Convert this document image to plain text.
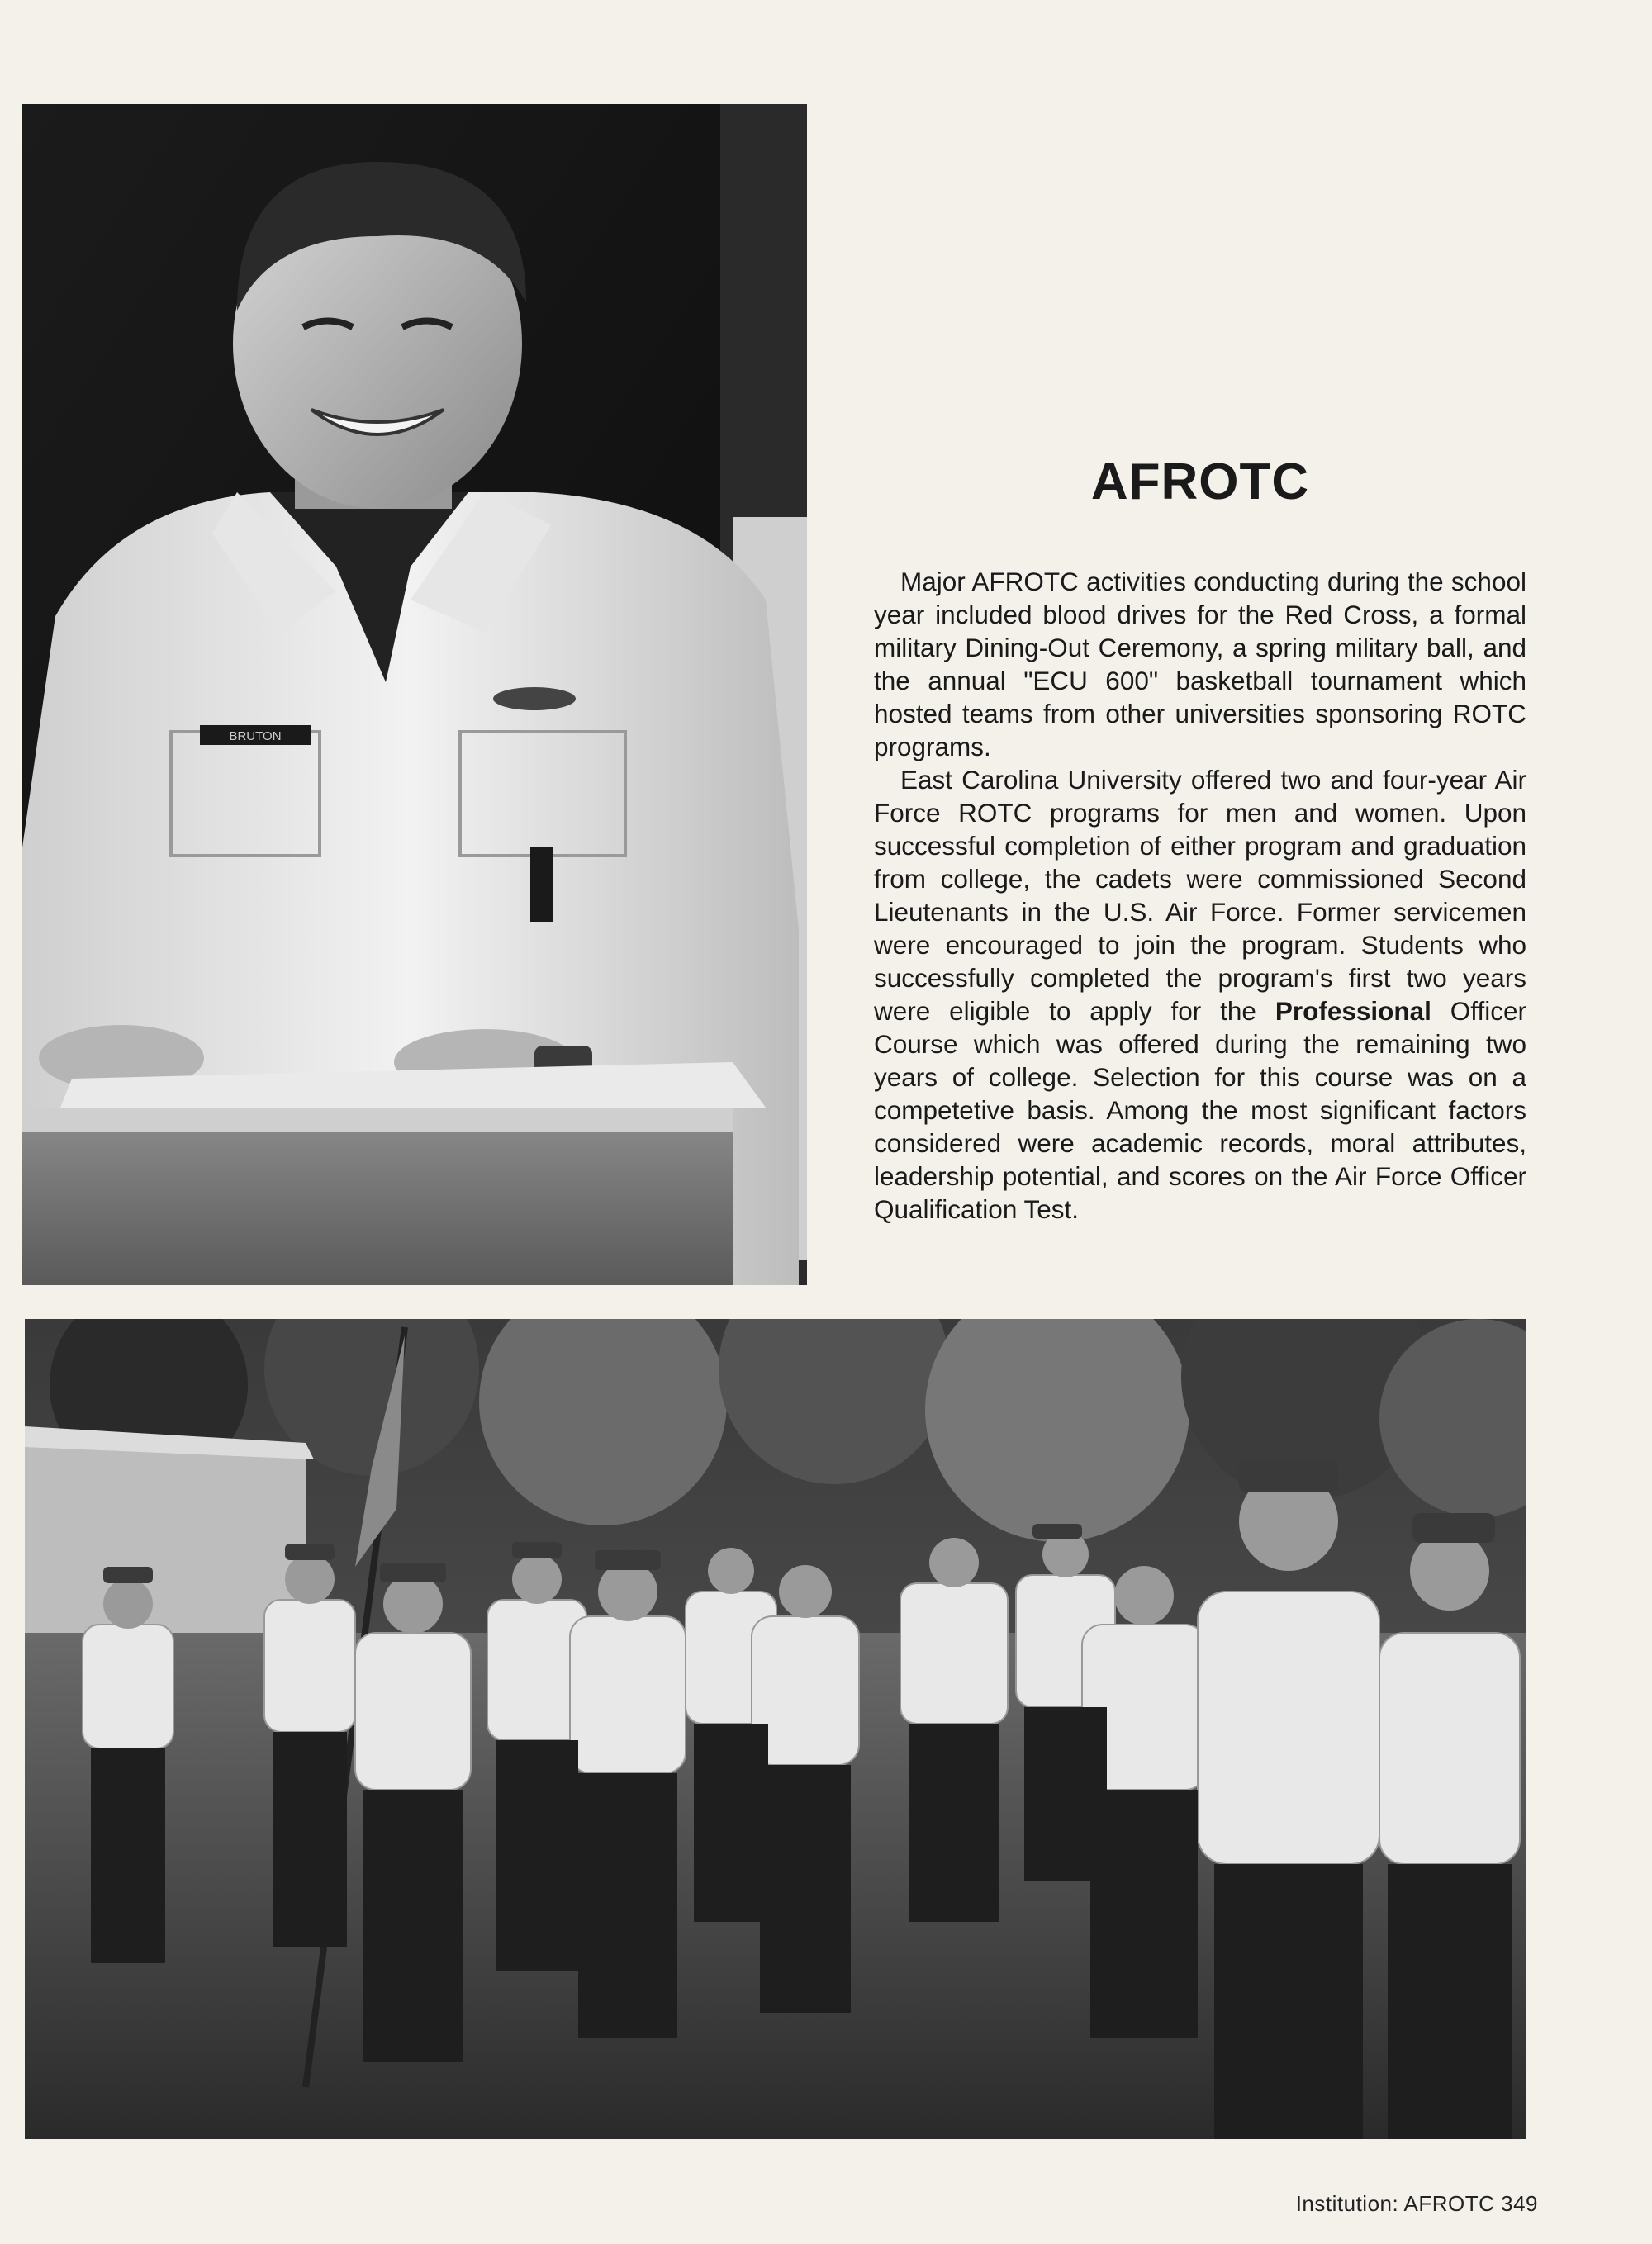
BRUTON
AFROTC

Major AFROTC activities conducting during the school year included blood drives for the Red Cross, a formal military Dining-Out Ceremony, a spring military ball, and the annual "ECU 600" basketball tournament which hosted teams from other universities sponsoring ROTC programs.

East Carolina University offered two and four-year Air Force ROTC programs for men and women. Upon successful completion of either program and graduation from college, the cadets were commissioned Second Lieutenants in the U.S. Air Force. Former servicemen were encouraged to join the program. Students who successfully completed the program's first two years were eligible to apply for the Professional Officer Course which was offered during the remaining two years of college. Selection for this course was on a competetive basis. Among the most significant factors considered were academic records, moral attributes, leadership potential, and scores on the Air Force Officer Qualification Test.

Institution: AFROTC 349
